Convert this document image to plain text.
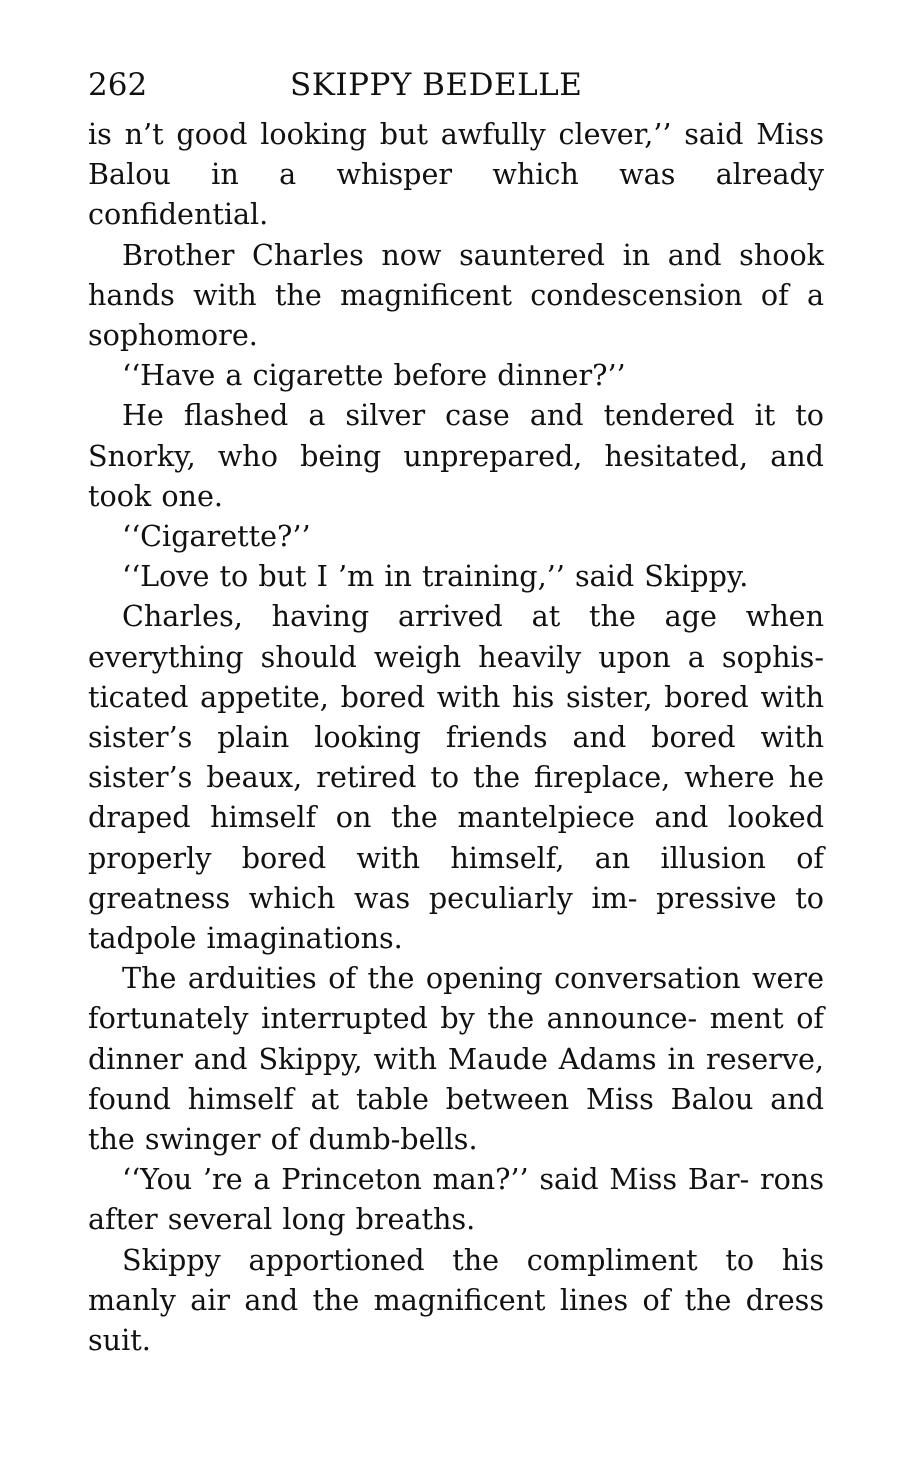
262	SKIPPY BEDELLE

is n’t good looking but awfully clever,’’ said Miss Balou in a whisper which was already confidential.

Brother Charles now sauntered in and shook hands with the magnificent condescension of a sophomore.

‘‘Have a cigarette before dinner?’’

He flashed a silver case and tendered it to Snorky, who being unprepared, hesitated, and took one.

‘‘Cigarette?’’

‘‘Love to but I ’m in training,’’ said Skippy.

Charles, having arrived at the age when everything should weigh heavily upon a sophis- ticated appetite, bored with his sister, bored with sister’s plain looking friends and bored with sister’s beaux, retired to the fireplace, where he draped himself on the mantelpiece and looked properly bored with himself, an illusion of greatness which was peculiarly im- pressive to tadpole imaginations.

The arduities of the opening conversation were fortunately interrupted by the announce- ment of dinner and Skippy, with Maude Adams in reserve, found himself at table between Miss Balou and the swinger of dumb-bells.

‘‘You ’re a Princeton man?’’ said Miss Bar- rons after several long breaths.

Skippy apportioned the compliment to his manly air and the magnificent lines of the dress suit.
